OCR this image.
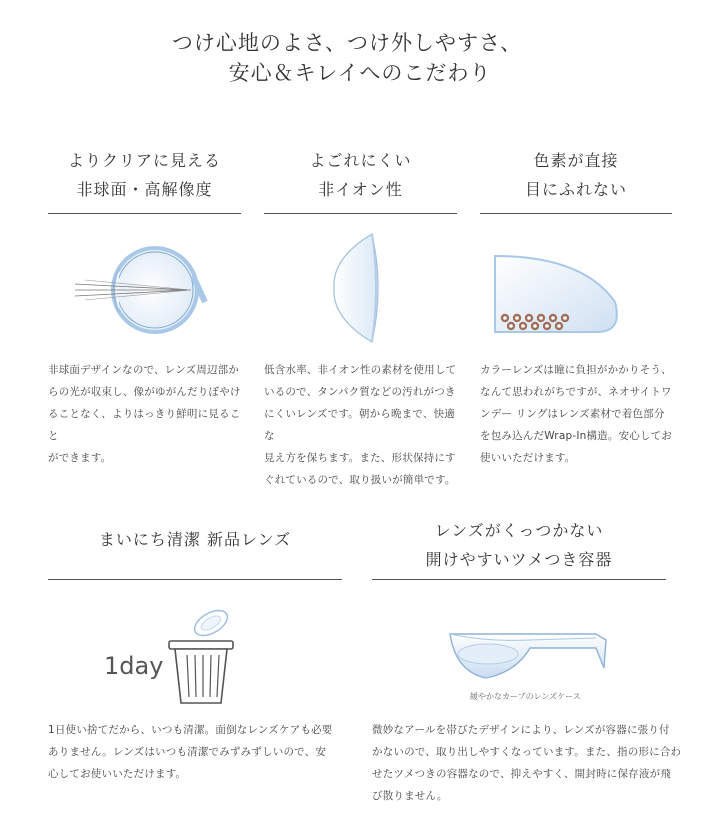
つけ心地のよさ、つけ外しやすさ、
安心＆キレイへのこだわり
よりクリアに見える
非球面・高解像度
非球面デザインなので、レンズ周辺部か
らの光が収束し、像がゆがんだりぼやけ
ることなく、よりはっきり鮮明に見ること
ができます。
よごれにくい
非イオン性
低含水率、非イオン性の素材を使用して
いるので、タンパク質などの汚れがつき
にくいレンズです。朝から晩まで、快適な
見え方を保ちます。また、形状保持にす
ぐれているので、取り扱いが簡単です。
色素が直接
目にふれない
カラーレンズは瞳に負担がかかりそう、
なんて思われがちですが、ネオサイトワ
ンデー リングはレンズ素材で着色部分
を包み込んだWrap-In構造。安心してお
使いいただけます。
まいにち清潔 新品レンズ
1day
1日使い捨てだから、いつも清潔。面倒なレンズケアも必要
ありません。レンズはいつも清潔でみずみずしいので、安
心してお使いいただけます。
レンズがくっつかない
開けやすいツメつき容器
緩やかなカーブのレンズケース
微妙なアールを帯びたデザインにより、レンズが容器に張り付
かないので、取り出しやすくなっています。また、指の形に合わ
せたツメつきの容器なので、抑えやすく、開封時に保存液が飛
び散りません。
